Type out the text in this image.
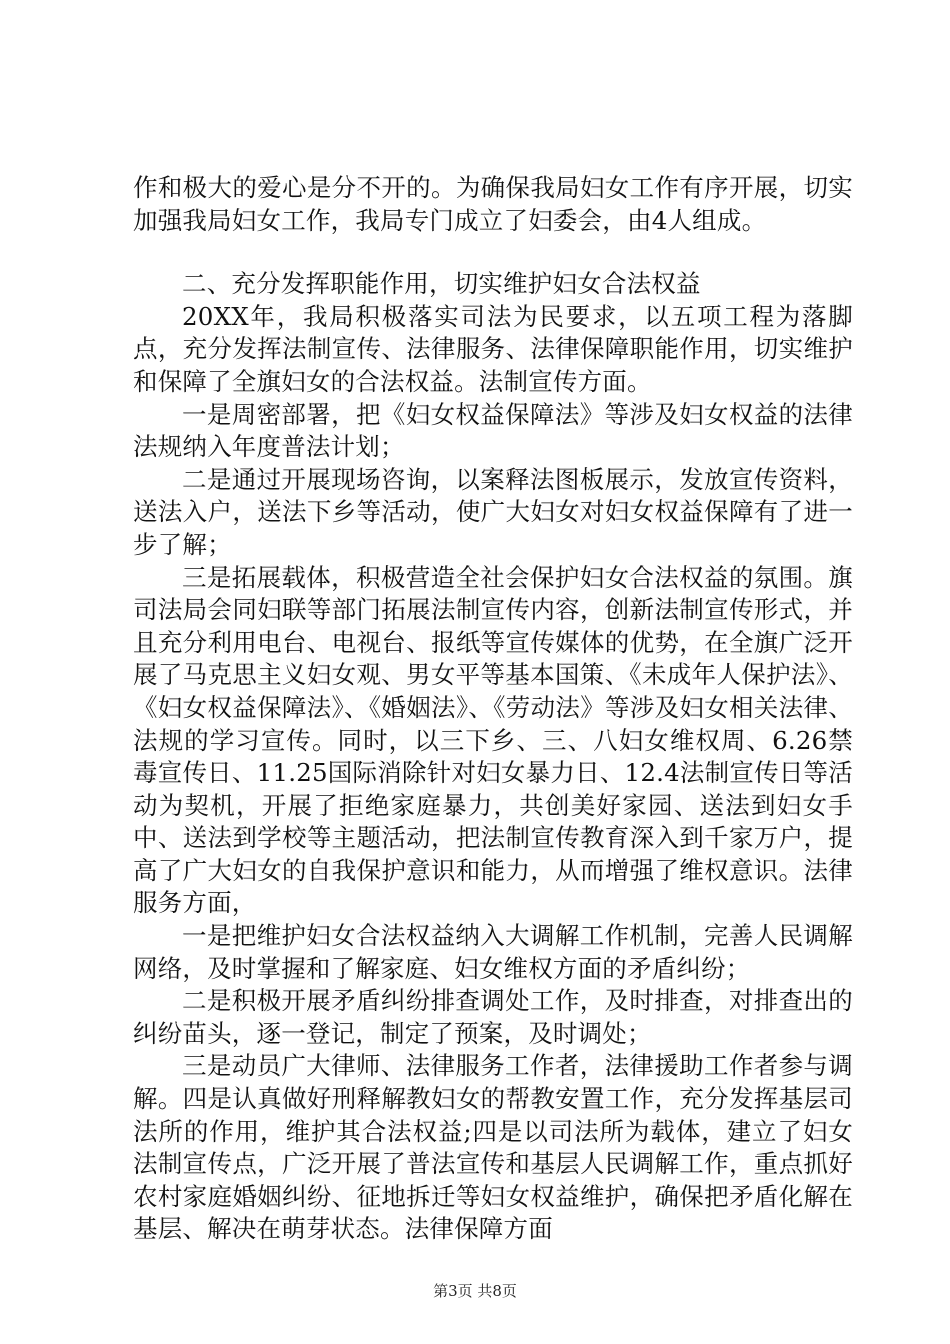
作和极大的爱心是分不开的。为确保我局妇女工作有序开展，切实加强我局妇女工作，我局专门成立了妇委会，由4人组成。

二、充分发挥职能作用，切实维护妇女合法权益

20XX年，我局积极落实司法为民要求，以五项工程为落脚点，充分发挥法制宣传、法律服务、法律保障职能作用，切实维护和保障了全旗妇女的合法权益。法制宣传方面。

一是周密部署，把《妇女权益保障法》等涉及妇女权益的法律法规纳入年度普法计划；

二是通过开展现场咨询，以案释法图板展示，发放宣传资料，送法入户，送法下乡等活动，使广大妇女对妇女权益保障有了进一步了解；

三是拓展载体，积极营造全社会保护妇女合法权益的氛围。旗司法局会同妇联等部门拓展法制宣传内容，创新法制宣传形式，并且充分利用电台、电视台、报纸等宣传媒体的优势，在全旗广泛开展了马克思主义妇女观、男女平等基本国策、《未成年人保护法》、《妇女权益保障法》、《婚姻法》、《劳动法》等涉及妇女相关法律、法规的学习宣传。同时，以三下乡、三、八妇女维权周、6.26禁毒宣传日、11.25国际消除针对妇女暴力日、12.4法制宣传日等活动为契机，开展了拒绝家庭暴力，共创美好家园、送法到妇女手中、送法到学校等主题活动，把法制宣传教育深入到千家万户，提高了广大妇女的自我保护意识和能力，从而增强了维权意识。法律服务方面，

一是把维护妇女合法权益纳入大调解工作机制，完善人民调解网络，及时掌握和了解家庭、妇女维权方面的矛盾纠纷；

二是积极开展矛盾纠纷排查调处工作，及时排查，对排查出的纠纷苗头，逐一登记，制定了预案，及时调处；

三是动员广大律师、法律服务工作者，法律援助工作者参与调解。四是认真做好刑释解教妇女的帮教安置工作，充分发挥基层司法所的作用，维护其合法权益;四是以司法所为载体，建立了妇女法制宣传点，广泛开展了普法宣传和基层人民调解工作，重点抓好农村家庭婚姻纠纷、征地拆迁等妇女权益维护，确保把矛盾化解在基层、解决在萌芽状态。法律保障方面

第3页 共8页
